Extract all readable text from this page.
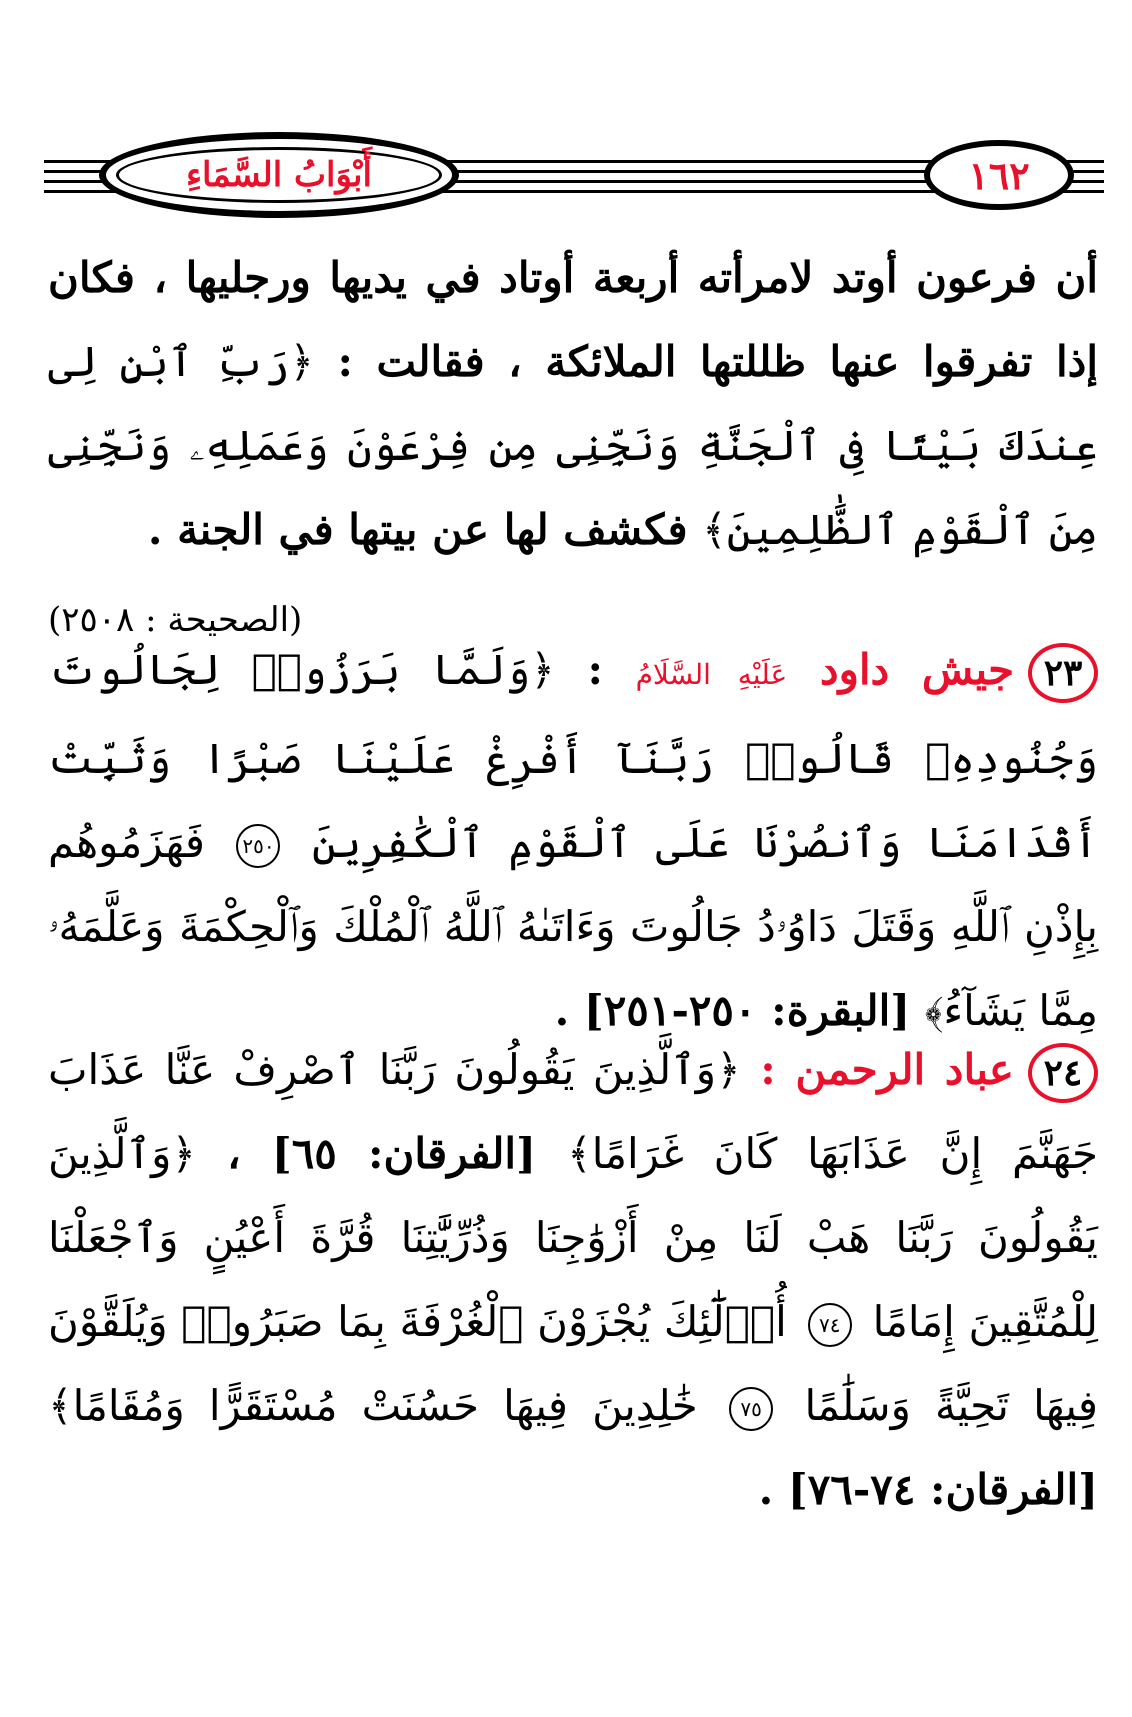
أَبْوَابُ السَّمَاءِ	١٦٢
أن فرعون أوتد لامرأته أربعة أوتاد في يديها ورجليها ، فكان إذا تفرقوا عنها ظللتها الملائكة ، فقالت : ﴿رَبِّ ٱبْنِ لِى عِندَكَ بَيْتًا فِى ٱلْجَنَّةِ وَنَجِّنِى مِن فِرْعَوْنَ وَعَمَلِهِۦ وَنَجِّنِى مِنَ ٱلْقَوْمِ ٱلظَّٰلِمِينَ﴾ فكشف لها عن بيتها في الجنة .
(الصحيحة : ٢٥٠٨)
٢٣جيش داود عَلَيْهِ السَّلَامُ : ﴿وَلَمَّا بَرَزُوا۟ لِجَالُوتَ وَجُنُودِهِۦ قَالُوا۟ رَبَّنَآ أَفْرِغْ عَلَيْنَا صَبْرًا وَثَبِّتْ أَقْدَامَنَا وَٱنصُرْنَا عَلَى ٱلْقَوْمِ ٱلْكَٰفِرِينَ ٢٥٠ فَهَزَمُوهُم بِإِذْنِ ٱللَّهِ وَقَتَلَ دَاوُۥدُ جَالُوتَ وَءَاتَىٰهُ ٱللَّهُ ٱلْمُلْكَ وَٱلْحِكْمَةَ وَعَلَّمَهُۥ مِمَّا يَشَآءُ﴾ [البقرة: ٢٥٠-٢٥١] .
٢٤عباد الرحمن : ﴿وَٱلَّذِينَ يَقُولُونَ رَبَّنَا ٱصْرِفْ عَنَّا عَذَابَ جَهَنَّمَ إِنَّ عَذَابَهَا كَانَ غَرَامًا﴾ [الفرقان: ٦٥] ، ﴿وَٱلَّذِينَ يَقُولُونَ رَبَّنَا هَبْ لَنَا مِنْ أَزْوَٰجِنَا وَذُرِّيَّٰتِنَا قُرَّةَ أَعْيُنٍ وَٱجْعَلْنَا لِلْمُتَّقِينَ إِمَامًا ٧٤ أُو۟لَٰٓئِكَ يُجْزَوْنَ ٱلْغُرْفَةَ بِمَا صَبَرُوا۟ وَيُلَقَّوْنَ فِيهَا تَحِيَّةً وَسَلَٰمًا ٧٥ خَٰلِدِينَ فِيهَا حَسُنَتْ مُسْتَقَرًّا وَمُقَامًا﴾ [الفرقان: ٧٤-٧٦] .
